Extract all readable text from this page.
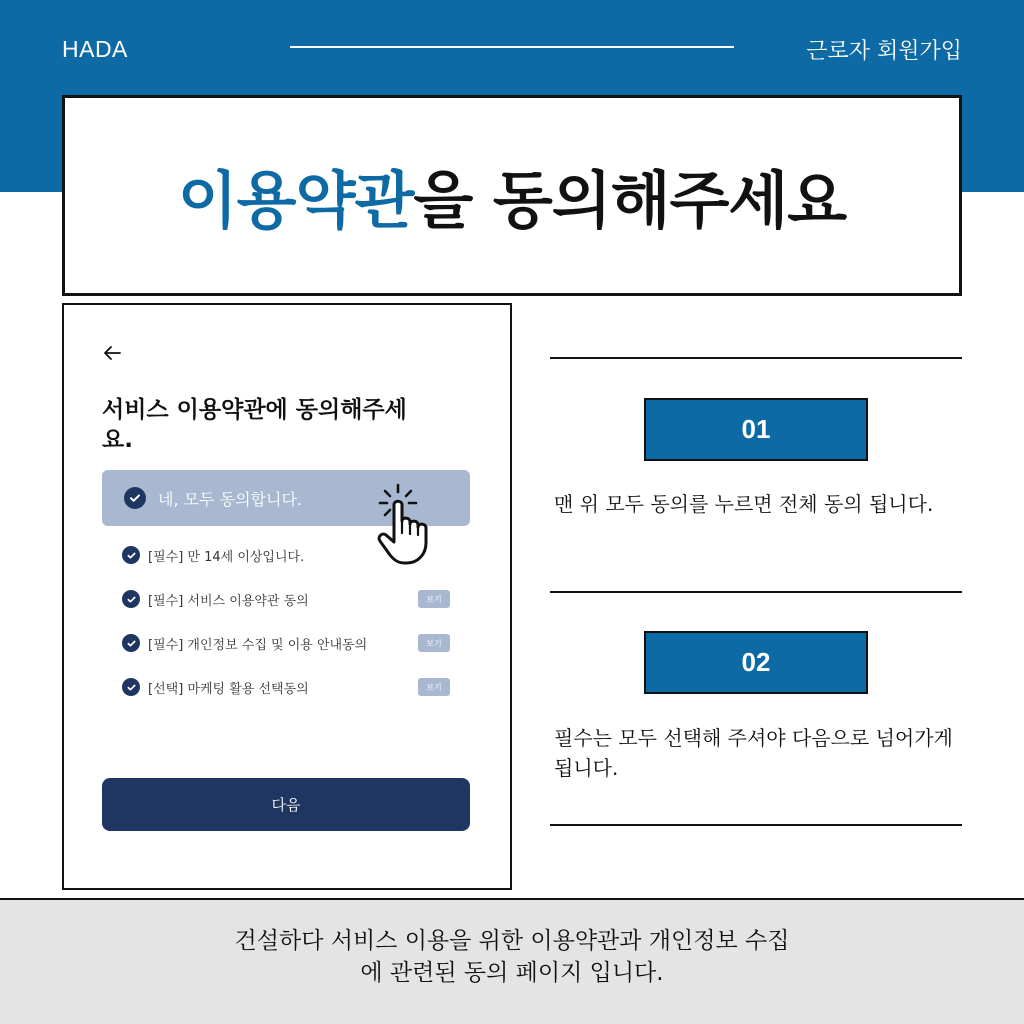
HADA	근로자 회원가입
이용약관을 동의해주세요
서비스 이용약관에 동의해주세요.
네, 모두 동의합니다.
[필수] 만 14세 이상입니다.
[필수] 서비스 이용약관 동의	보기
[필수] 개인정보 수집 및 이용 안내동의	보기
[선택] 마케팅 활용 선택동의	보기
다음
01
맨 위 모두 동의를 누르면 전체 동의 됩니다.
02
필수는 모두 선택해 주셔야 다음으로 넘어가게 됩니다.
건설하다 서비스 이용을 위한 이용약관과 개인정보 수집
에 관련된 동의 페이지 입니다.
